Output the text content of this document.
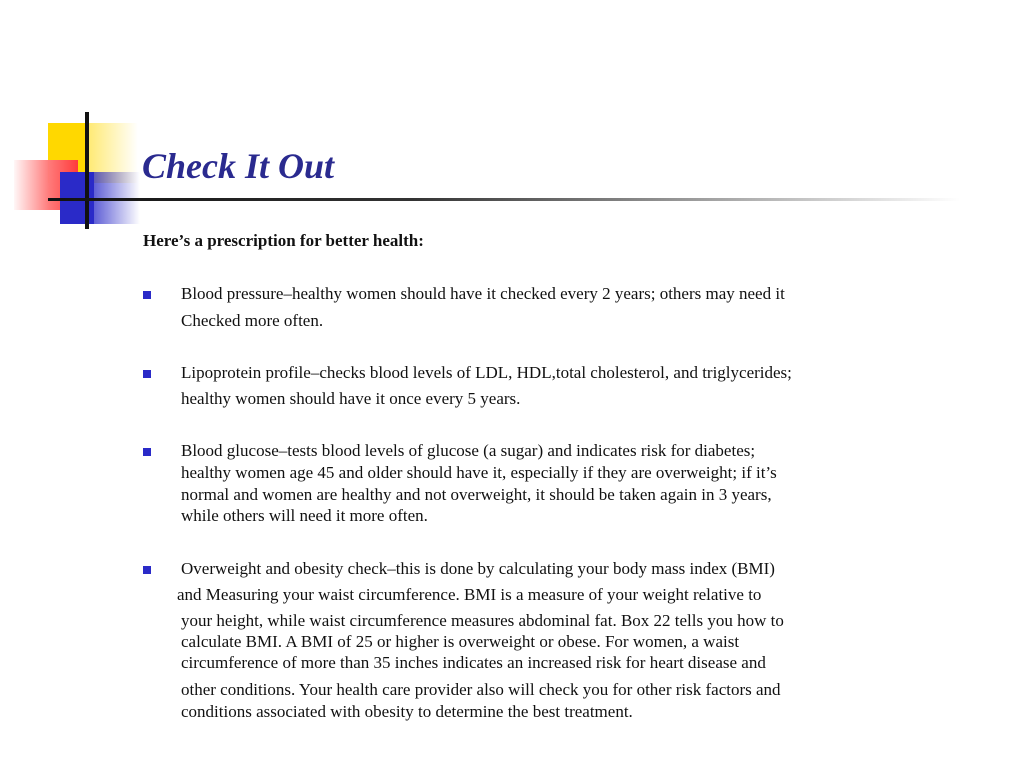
Check It Out

Here’s a prescription for better health:

Blood pressure–healthy women should have it checked every 2 years; others may need it

Checked more often.

Lipoprotein profile–checks blood levels of LDL, HDL,total cholesterol, and triglycerides;

healthy women should have it once every 5 years.

Blood glucose–tests blood levels of glucose (a sugar) and indicates risk for diabetes;

healthy women age 45 and older should have it, especially if they are overweight; if it’s

normal and women are healthy and not overweight, it should be taken again in 3 years,

while others will need it more often.

Overweight and obesity check–this is done by calculating your body mass index (BMI)

and Measuring your waist circumference. BMI is a measure of your weight relative to

your height, while waist circumference measures abdominal fat. Box 22 tells you how to

calculate BMI. A BMI of 25 or higher is overweight or obese. For women, a waist

circumference of more than 35 inches indicates an increased risk for heart disease and

other conditions. Your health care provider also will check you for other risk factors and

conditions associated with obesity to determine the best treatment.
